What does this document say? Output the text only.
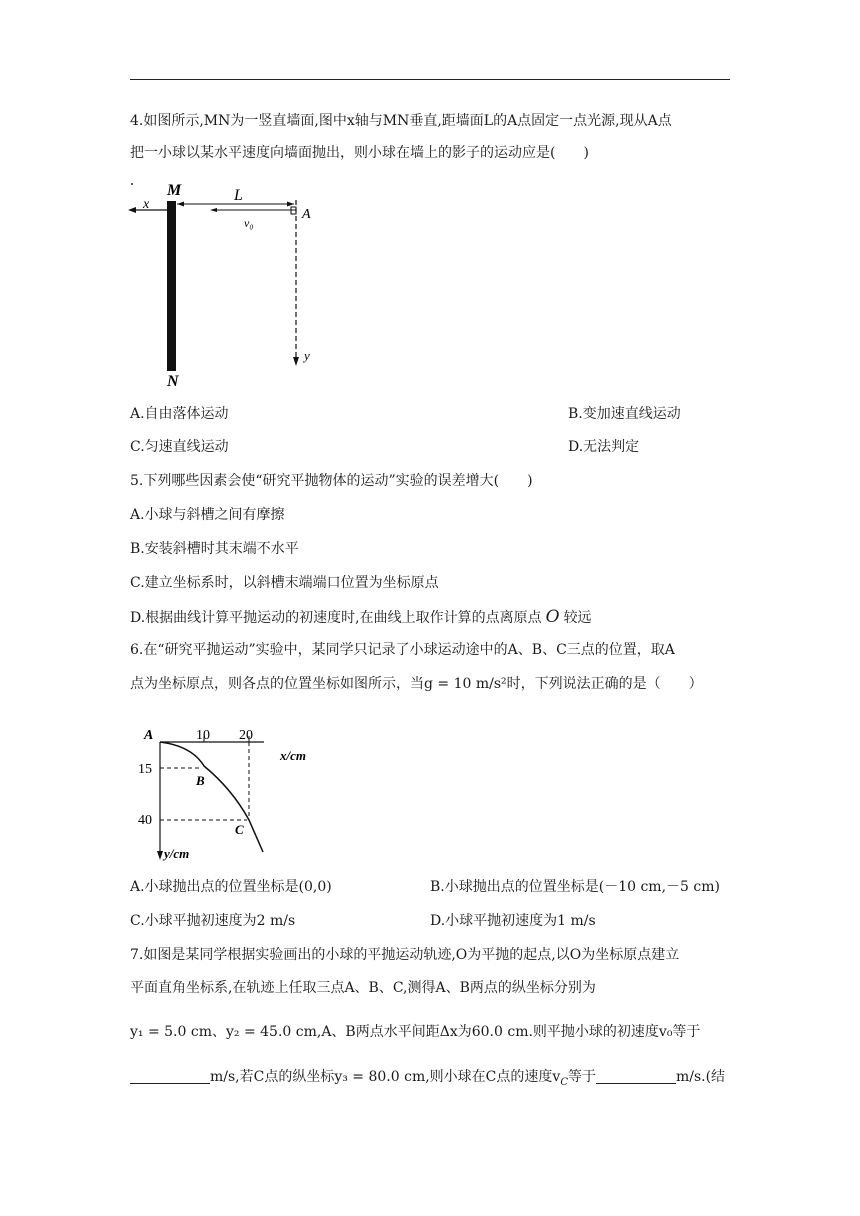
4.如图所示,MN为一竖直墙面,图中x轴与MN垂直,距墙面L的A点固定一点光源,现从A点
把一小球以某水平速度向墙面抛出，则小球在墙上的影子的运动应是(　　)
M	L
x
v₀
A
y
N
A.自由落体运动	B.变加速直线运动
C.匀速直线运动	D.无法判定
5.下列哪些因素会使“研究平抛物体的运动”实验的误差增大(　　)
A.小球与斜槽之间有摩擦
B.安装斜槽时其末端不水平
C.建立坐标系时，以斜槽末端端口位置为坐标原点
D.根据曲线计算平抛运动的初速度时,在曲线上取作计算的点离原点 O 较远
6.在“研究平抛运动”实验中，某同学只记录了小球运动途中的A、B、C三点的位置，取A
点为坐标原点，则各点的位置坐标如图所示，当g = 10 m/s²时，下列说法正确的是（　　）
A	10 20
x/cm
15
B
40
C
y/cm
A.小球抛出点的位置坐标是(0,0)	B.小球抛出点的位置坐标是(－10 cm,－5 cm)
C.小球平抛初速度为2 m/s	D.小球平抛初速度为1 m/s
7.如图是某同学根据实验画出的小球的平抛运动轨迹,O为平抛的起点,以O为坐标原点建立
平面直角坐标系,在轨迹上任取三点A、B、C,测得A、B两点的纵坐标分别为
y₁ = 5.0 cm、y₂ = 45.0 cm,A、B两点水平间距Δx为60.0 cm.则平抛小球的初速度v₀等于
m/s,若C点的纵坐标y₃ = 80.0 cm,则小球在C点的速度$v_C$等于	m/s.(结
